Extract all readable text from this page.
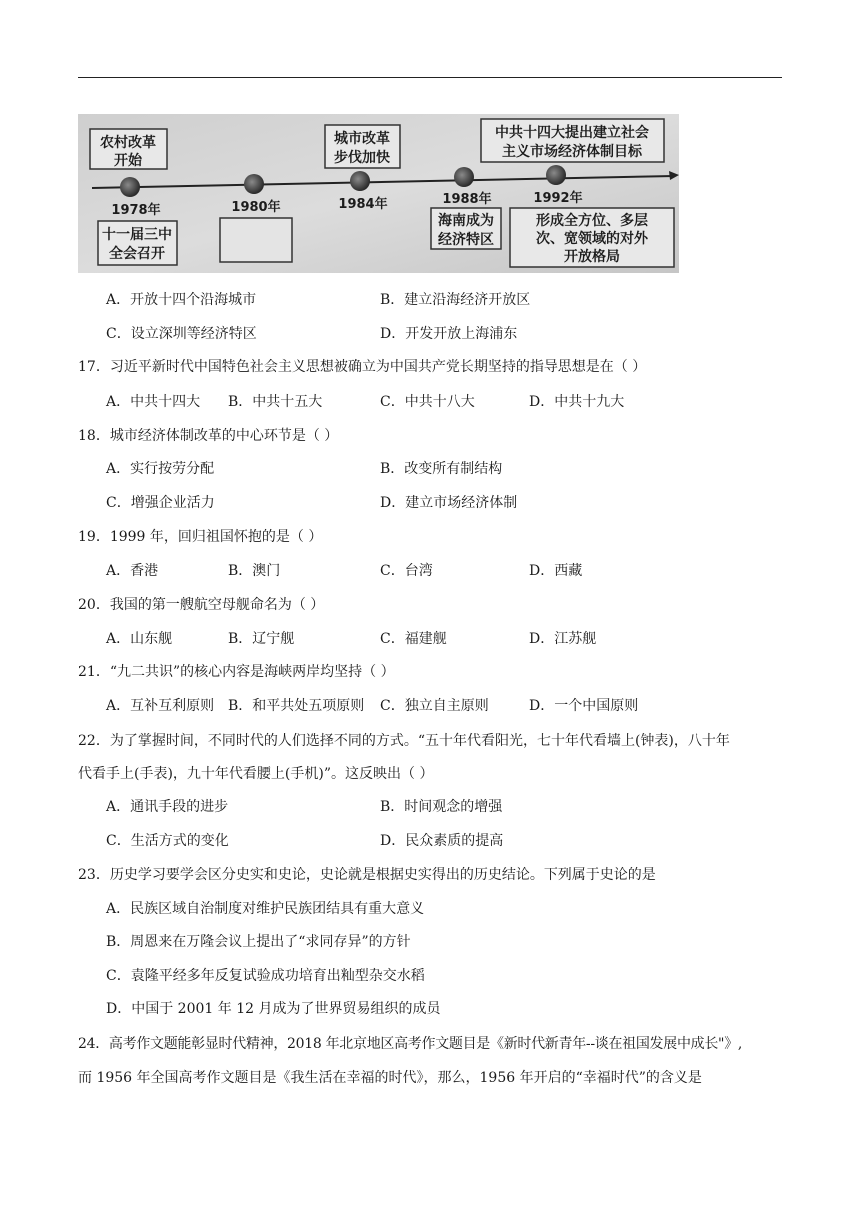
农村改革
开始
城市改革
步伐加快
中共十四大提出建立社会
主义市场经济体制目标
十一届三中
全会召开
海南成为
经济特区
形成全方位、多层
次、宽领域的对外
开放格局
1978年	1980年	1984年	1988年	1992年
A．开放十四个沿海城市	B．建立沿海经济开放区
C．设立深圳等经济特区	D．开发开放上海浦东
17．习近平新时代中国特色社会主义思想被确立为中国共产党长期坚持的指导思想是在（ ）
A．中共十四大 B．中共十五大	C．中共十八大	D．中共十九大
18．城市经济体制改革的中心环节是（ ）
A．实行按劳分配	B．改变所有制结构
C．增强企业活力	D．建立市场经济体制
19．1999 年，回归祖国怀抱的是（ ）
A．香港	B．澳门	C．台湾	D．西藏
20．我国的第一艘航空母舰命名为（ ）
A．山东舰	B．辽宁舰	C．福建舰	D．江苏舰
21．“九二共识”的核心内容是海峡两岸均坚持（ ）
A．互补互利原则 B．和平共处五项原则 C．独立自主原则	D．一个中国原则
22．为了掌握时间，不同时代的人们选择不同的方式。“五十年代看阳光，七十年代看墙上(钟表)，八十年
代看手上(手表)，九十年代看腰上(手机)”。这反映出（ ）
A．通讯手段的进步	B．时间观念的增强
C．生活方式的变化	D．民众素质的提高
23．历史学习要学会区分史实和史论，史论就是根据史实得出的历史结论。下列属于史论的是
A．民族区域自治制度对维护民族团结具有重大意义
B．周恩来在万隆会议上提出了“求同存异”的方针
C．袁隆平经多年反复试验成功培育出籼型杂交水稻
D．中国于 2001 年 12 月成为了世界贸易组织的成员
24．高考作文题能彰显时代精神，2018 年北京地区高考作文题目是《新时代新青年--谈在祖国发展中成长"》,
而 1956 年全国高考作文题目是《我生活在幸福的时代》，那么，1956 年开启的“幸福时代”的含义是
